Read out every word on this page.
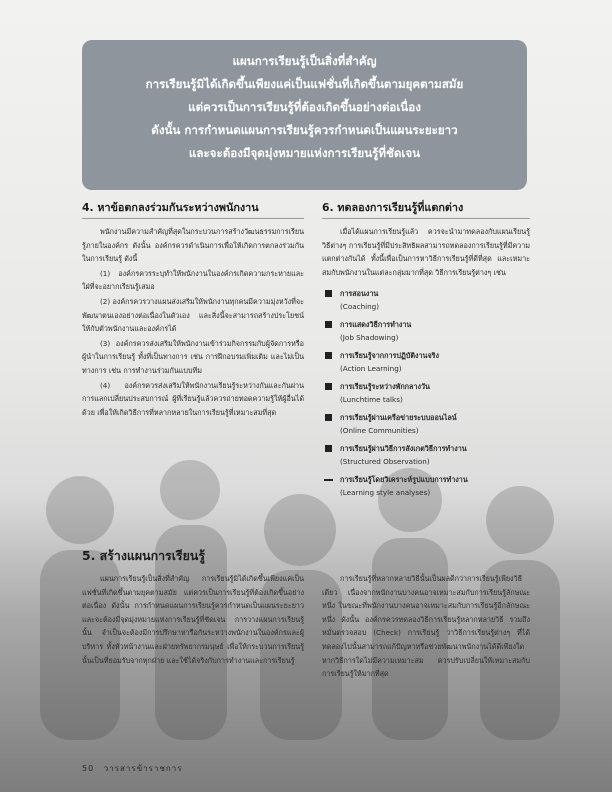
แผนการเรียนรู้เป็นสิ่งที่สำคัญ
การเรียนรู้มิได้เกิดขึ้นเพียงแค่เป็นแฟชั่นที่เกิดขึ้นตามยุคตามสมัย
แต่ควรเป็นการเรียนรู้ที่ต้องเกิดขึ้นอย่างต่อเนื่อง
ดังนั้น การกำหนดแผนการเรียนรู้ควรกำหนดเป็นแผนระยะยาว
และจะต้องมีจุดมุ่งหมายแห่งการเรียนรู้ที่ชัดเจน
4. หาข้อตกลงร่วมกันระหว่างพนักงาน

พนักงานมีความสำคัญที่สุดในกระบวนการสร้างวัฒนธรรมการเรียนรู้ภายในองค์กร ดังนั้น องค์กรควรดำเนินการเพื่อให้เกิดการตกลงร่วมกันในการเรียนรู้ ดังนี้

(1) องค์กรควรระบุทำให้พนักงานในองค์กรเกิดความกระหายและใฝ่ที่จะอยากเรียนรู้เสมอ

(2) องค์กรควรวางแผนส่งเสริมให้พนักงานทุกคนมีความมุ่งหวังที่จะพัฒนาตนเองอย่างต่อเนื่องในตัวเอง และสิ่งนี้จะสามารถสร้างประโยชน์ให้กับตัวพนักงานและองค์กรได้

(3) องค์กรควรส่งเสริมให้พนักงานเข้าร่วมกิจกรรมกับผู้จัดการหรือผู้นำในการเรียนรู้ ทั้งที่เป็นทางการ เช่น การฝึกอบรมเพิ่มเติม และไม่เป็นทางการ เช่น การทำงานร่วมกันแบบทีม

(4) องค์กรควรส่งเสริมให้พนักงานเรียนรู้ระหว่างกันและกันผ่านการแลกเปลี่ยนประสบการณ์ ผู้ที่เรียนรู้แล้วควรถ่ายทอดความรู้ให้ผู้อื่นได้ด้วย เพื่อให้เกิดวิธีการที่หลากหลายในการเรียนรู้ที่เหมาะสมที่สุด

6. ทดลองการเรียนรู้ที่แตกต่าง

เมื่อได้แผนการเรียนรู้แล้ว ควรจะนำมาทดลองกับแผนเรียนรู้วิธีต่างๆ การเรียนรู้ที่มีประสิทธิผลสามารถทดลองการเรียนรู้ที่มีความแตกต่างกันได้ ทั้งนี้เพื่อเป็นการหาวิธีการเรียนรู้ที่ดีที่สุด และเหมาะสมกับพนักงานในแต่ละกลุ่มมากที่สุด วิธีการเรียนรู้ต่างๆ เช่น

การสอนงาน
(Coaching)
การแสดงวิธีการทำงาน
(Job Shadowing)
การเรียนรู้จากการปฏิบัติงานจริง
(Action Learning)
การเรียนรู้ระหว่างพักกลางวัน
(Lunchtime talks)
การเรียนรู้ผ่านเครือข่ายระบบออนไลน์
(Online Communities)
การเรียนรู้ผ่านวิธีการสังเกตวิธีการทำงาน
(Structured Observation)
การเรียนรู้โดยวิเคราะห์รูปแบบการทำงาน
(Learning style analyses)
5. สร้างแผนการเรียนรู้

แผนการเรียนรู้เป็นสิ่งที่สำคัญ การเรียนรู้มิได้เกิดขึ้นเพียงแค่เป็นแฟชั่นที่เกิดขึ้นตามยุคตามสมัย แต่ควรเป็นการเรียนรู้ที่ต้องเกิดขึ้นอย่างต่อเนื่อง ดังนั้น การกำหนดแผนการเรียนรู้ควรกำหนดเป็นแผนระยะยาว และจะต้องมีจุดมุ่งหมายแห่งการเรียนรู้ที่ชัดเจน การวางแผนการเรียนรู้นั้น จำเป็นจะต้องมีการปรึกษาหารือกันระหว่างพนักงานในองค์กรและผู้บริหาร ทั้งหัวหน้างานและฝ่ายทรัพยากรมนุษย์ เพื่อให้กระบวนการเรียนรู้นั้นเป็นที่ยอมรับจากทุกฝ่าย และใช้ได้จริงกับการทำงานและการเรียนรู้

การเรียนรู้ที่หลากหลายวิธีนั้นเป็นผลดีกว่าการเรียนรู้เพียงวิธีเดียว เนื่องจากพนักงานบางคนอาจเหมาะสมกับการเรียนรู้ลักษณะหนึ่ง ในขณะที่พนักงานบางคนอาจเหมาะสมกับการเรียนรู้อีกลักษณะหนึ่ง ดังนั้น องค์กรควรทดลองวิธีการเรียนรู้หลากหลายวิธี รวมถึงหมั่นตรวจสอบ (Check) การเรียนรู้ ว่าวิธีการเรียนรู้ต่างๆ ที่ได้ทดลองไปนั้นสามารถแก้ปัญหาหรือช่วยพัฒนาพนักงานได้ดีเพียงใด หากวิธีการใดไม่มีความเหมาะสม ควรปรับเปลี่ยนให้เหมาะสมกับการเรียนรู้ให้มากที่สุด

50 วารสารข้าราชการ
